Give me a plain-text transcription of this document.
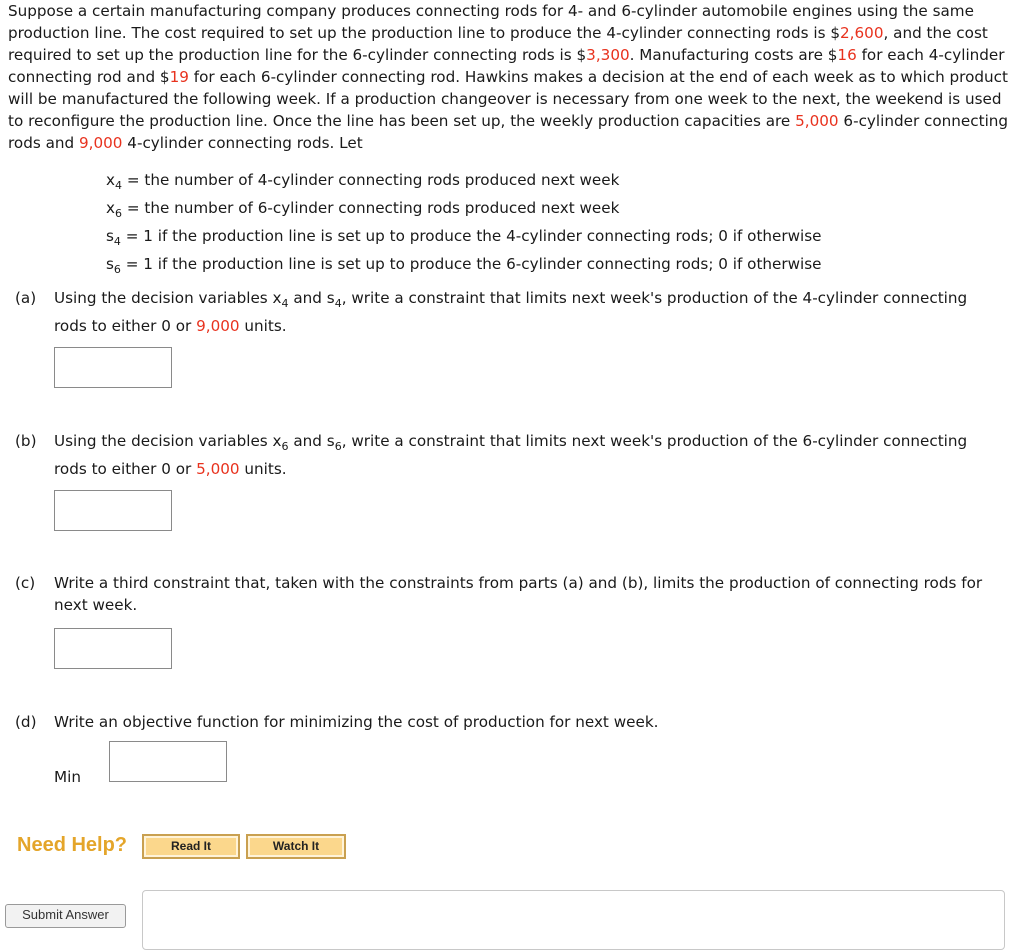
Suppose a certain manufacturing company produces connecting rods for 4- and 6-cylinder automobile engines using the same production line. The cost required to set up the production line to produce the 4-cylinder connecting rods is $2,600, and the cost required to set up the production line for the 6-cylinder connecting rods is $3,300. Manufacturing costs are $16 for each 4-cylinder connecting rod and $19 for each 6-cylinder connecting rod. Hawkins makes a decision at the end of each week as to which product will be manufactured the following week. If a production changeover is necessary from one week to the next, the weekend is used to reconfigure the production line. Once the line has been set up, the weekly production capacities are 5,000 6-cylinder connecting rods and 9,000 4-cylinder connecting rods. Let

$x_4$ = the number of 4-cylinder connecting rods produced next week
$x_6$ = the number of 6-cylinder connecting rods produced next week
$s_4 = 1$ if the production line is set up to produce the 4-cylinder connecting rods; 0 if otherwise
$s_6 = 1$ if the production line is set up to produce the 6-cylinder connecting rods; 0 if otherwise
(a) Using the decision variables $x_4$ and $s_4$, write a constraint that limits next week's production of the 4-cylinder connecting rods to either 0 or 9,000 units.
(b) Using the decision variables $x_6$ and $s_6$, write a constraint that limits next week's production of the 6-cylinder connecting rods to either 0 or 5,000 units.
(c) Write a third constraint that, taken with the constraints from parts (a) and (b), limits the production of connecting rods for next week.
(d) Write an objective function for minimizing the cost of production for next week.
Min
Need Help?	Read It	Watch It
Submit Answer
